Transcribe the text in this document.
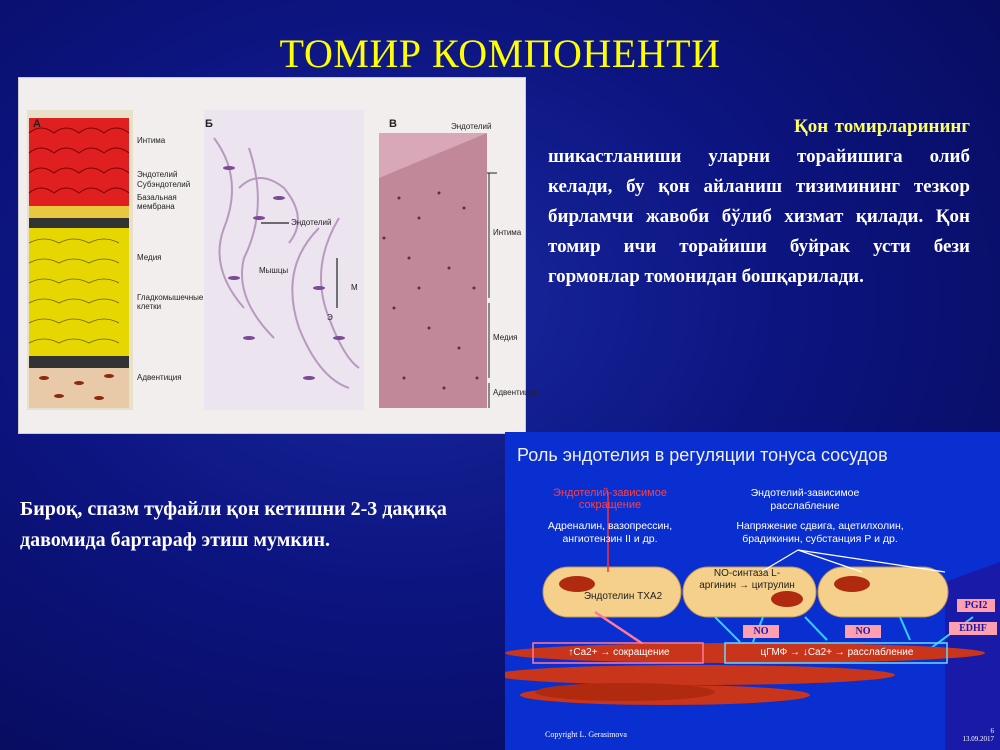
ТОМИР КОМПОНЕНТИ
А	Б	В
Интима
Эндотелий
Субэндотелий
Базальная мембрана
Медия
Гладкомышечные клетки
Адвентиция
Эндотелий
Мышцы
Э
М
Эндотелий
Интима
Медия
Адвентиция
Қон томирларининг шикастланиши уларни торайишига олиб келади, бу қон айланиш тизимининг тезкор бирламчи жавоби бўлиб хизмат қилади. Қон томир ичи торайиши буйрак усти бези гормонлар томонидан бошқарилади.
Бироқ, спазм туфайли қон кетишни 2-3 дақиқа давомида бартараф этиш мумкин.
Роль эндотелия в регуляции тонуса сосудов
Эндотелий-зависимое сокращение
Адреналин, вазопрессин, ангиотензин II и др.
Эндотелий-зависимое расслабление
Напряжение сдвига, ацетилхолин, брадикинин, субстанция Р и др.
Эндотелин ТХА2
NO-синтаза L-аргинин → цитрулин
NO	NO
PGI2
EDHF
↑Ca2+ → сокращение	цГМФ → ↓Ca2+ → расслабление
Copyright L. Gerasimova	6
13.09.2017
